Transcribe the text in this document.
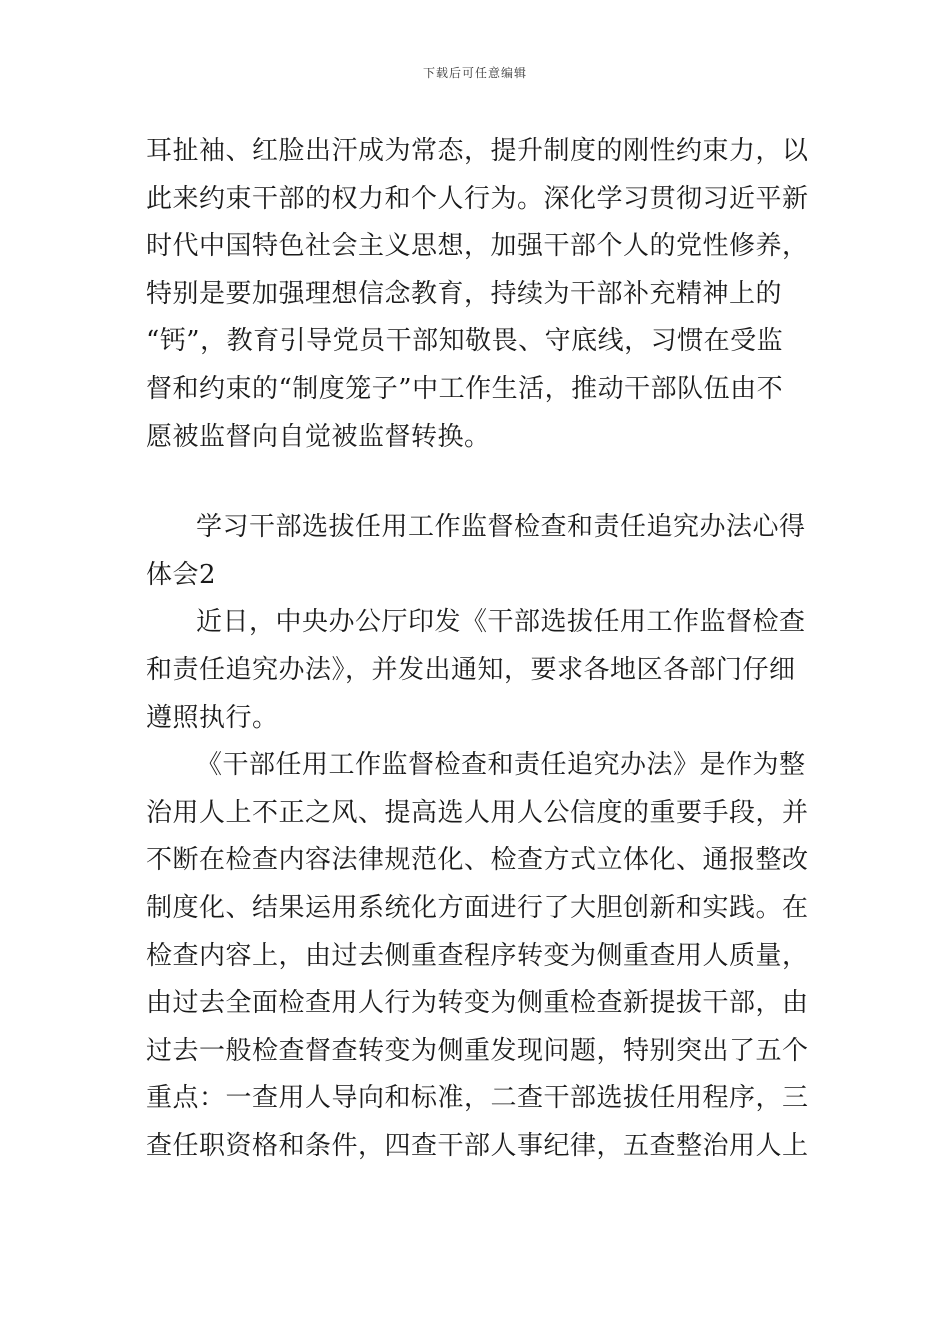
下载后可任意编辑
耳扯袖、红脸出汗成为常态，提升制度的刚性约束力，以
此来约束干部的权力和个人行为。深化学习贯彻习近平新
时代中国特色社会主义思想，加强干部个人的党性修养，
特别是要加强理想信念教育，持续为干部补充精神上的
“钙”，教育引导党员干部知敬畏、守底线，习惯在受监
督和约束的“制度笼子”中工作生活，推动干部队伍由不
愿被监督向自觉被监督转换。
学习干部选拔任用工作监督检查和责任追究办法心得
体会2
近日，中央办公厅印发《干部选拔任用工作监督检查
和责任追究办法》，并发出通知，要求各地区各部门仔细
遵照执行。
《干部任用工作监督检查和责任追究办法》是作为整
治用人上不正之风、提高选人用人公信度的重要手段，并
不断在检查内容法律规范化、检查方式立体化、通报整改
制度化、结果运用系统化方面进行了大胆创新和实践。在
检查内容上，由过去侧重查程序转变为侧重查用人质量，
由过去全面检查用人行为转变为侧重检查新提拔干部，由
过去一般检查督查转变为侧重发现问题，特别突出了五个
重点：一查用人导向和标准，二查干部选拔任用程序，三
查任职资格和条件，四查干部人事纪律，五查整治用人上
